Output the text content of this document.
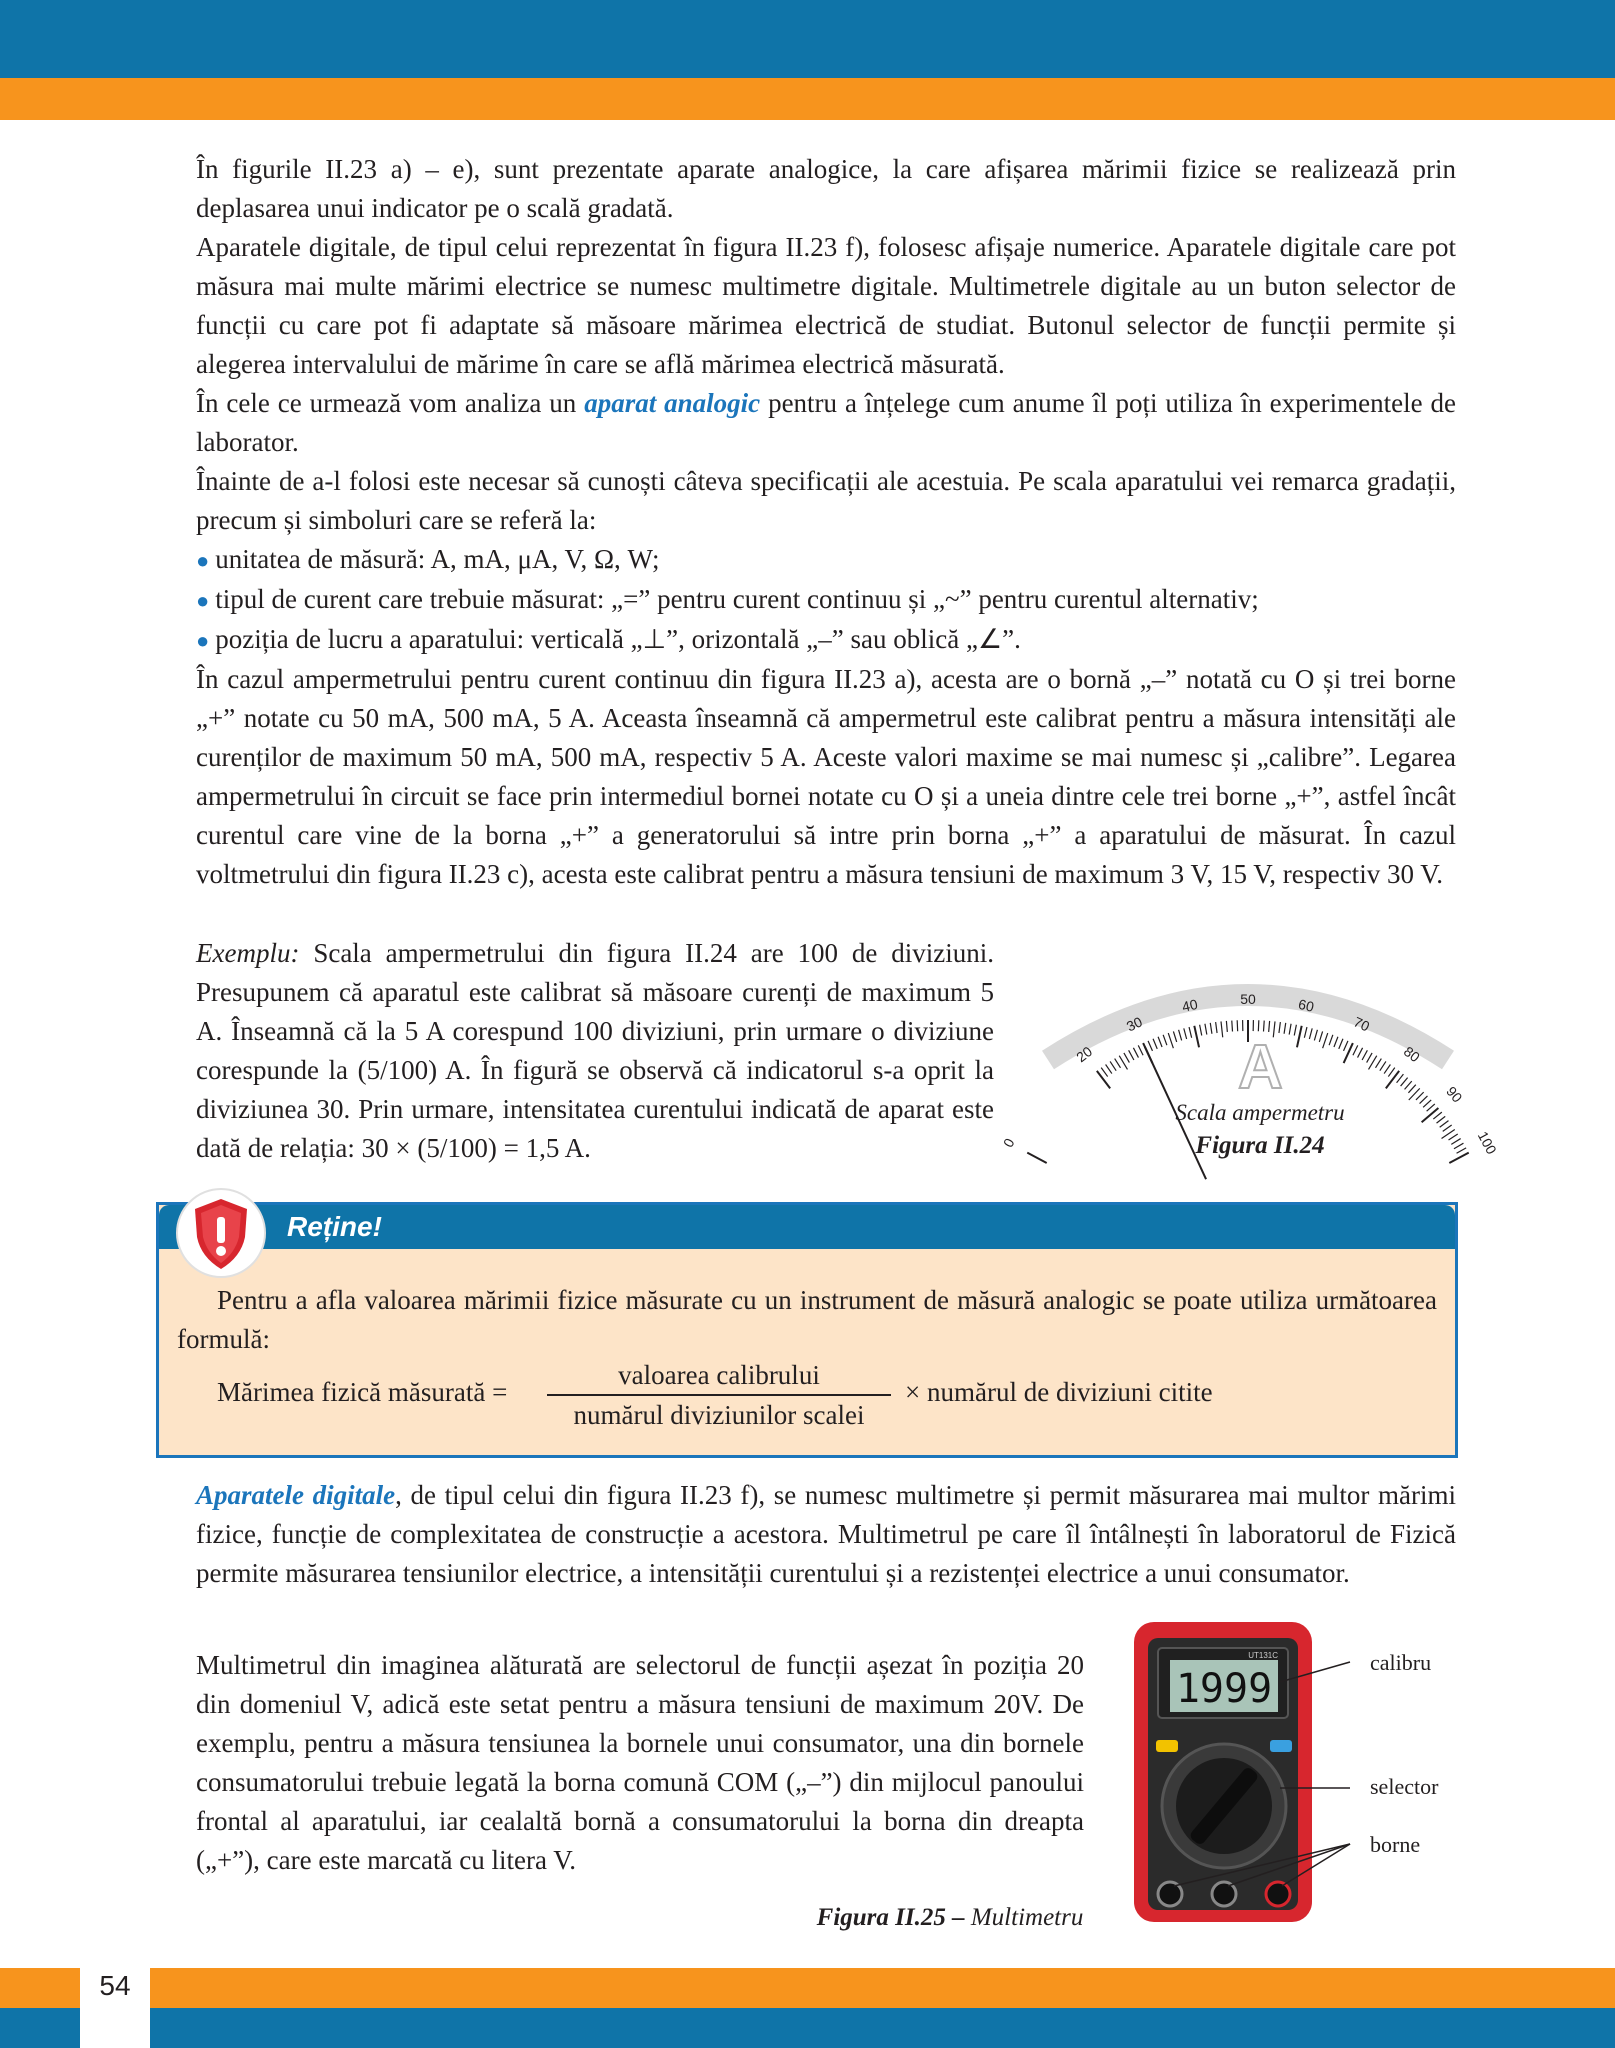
În figurile II.23 a) – e), sunt prezentate aparate analogice, la care afișarea mărimii fizice se realizează prin deplasarea unui indicator pe o scală gradată.

Aparatele digitale, de tipul celui reprezentat în figura II.23 f), folosesc afișaje numerice. Aparatele digitale care pot măsura mai multe mărimi electrice se numesc multimetre digitale. Multimetrele digitale au un buton selector de funcții cu care pot fi adaptate să măsoare mărimea electrică de studiat. Butonul selector de funcții permite și alegerea intervalului de mărime în care se află mărimea electrică măsurată.

În cele ce urmează vom analiza un aparat analogic pentru a înțelege cum anume îl poți utiliza în experimentele de laborator.

Înainte de a-l folosi este necesar să cunoști câteva specificații ale acestuia. Pe scala aparatului vei remarca gradații, precum și simboluri care se referă la:

● unitatea de măsură: A, mA, μA, V, Ω, W;
● tipul de curent care trebuie măsurat: „=” pentru curent continuu și „~” pentru curentul alternativ;
● poziția de lucru a aparatului: verticală „⊥”, orizontală „–” sau oblică „∠”.

În cazul ampermetrului pentru curent continuu din figura II.23 a), acesta are o bornă „–” notată cu O și trei borne „+” notate cu 50 mA, 500 mA, 5 A. Aceasta înseamnă că ampermetrul este calibrat pentru a măsura intensități ale curenților de maximum 50 mA, 500 mA, respectiv 5 A. Aceste valori maxime se mai numesc și „calibre”. Legarea ampermetrului în circuit se face prin intermediul bornei notate cu O și a uneia dintre cele trei borne „+”, astfel încât curentul care vine de la borna „+” a generatorului să intre prin borna „+” a aparatului de măsurat. În cazul voltmetrului din figura II.23 c), acesta este calibrat pentru a măsura tensiuni de maximum 3 V, 15 V, respectiv 30 V.

Exemplu: Scala ampermetrului din figura II.24 are 100 de diviziuni. Presupunem că aparatul este calibrat să măsoare curenți de maximum 5 A. Înseamnă că la 5 A corespund 100 diviziuni, prin urmare o diviziune corespunde la (5/100) A. În figură se observă că indicatorul s-a oprit la diviziunea 30. Prin urmare, intensitatea curentului indicată de aparat este dată de relația: 30 × (5/100) = 1,5 A.	0
20
30
40	50	60
70
80
90
100
A
Scala ampermetru
Figura II.24
Reține!
Pentru a afla valoarea mărimii fizice măsurate cu un instrument de măsură analogic se poate utiliza următoarea formulă:
Mărimea fizică măsurată =
valoarea calibrului
numărul diviziunilor scalei
× numărul de diviziuni citite

Aparatele digitale, de tipul celui din figura II.23 f), se numesc multimetre și permit măsurarea mai multor mărimi fizice, funcție de complexitatea de construcție a acestora. Multimetrul pe care îl întâlnești în laboratorul de Fizică permite măsurarea tensiunilor electrice, a intensității curentului și a rezistenței electrice a unui consumator.

Multimetrul din imaginea alăturată are selectorul de funcții așezat în poziția 20 din domeniul V, adică este setat pentru a măsura tensiuni de maximum 20V. De exemplu, pentru a măsura tensiunea la bornele unui consumator, una din bornele consumatorului trebuie legată la borna comună COM („–”) din mijlocul panoului frontal al aparatului, iar cealaltă bornă a consumatorului la borna din dreapta („+”), care este marcată cu litera V.
1999
UT131C	calibru
selector
borne
Figura II.25 – Multimetru
54
